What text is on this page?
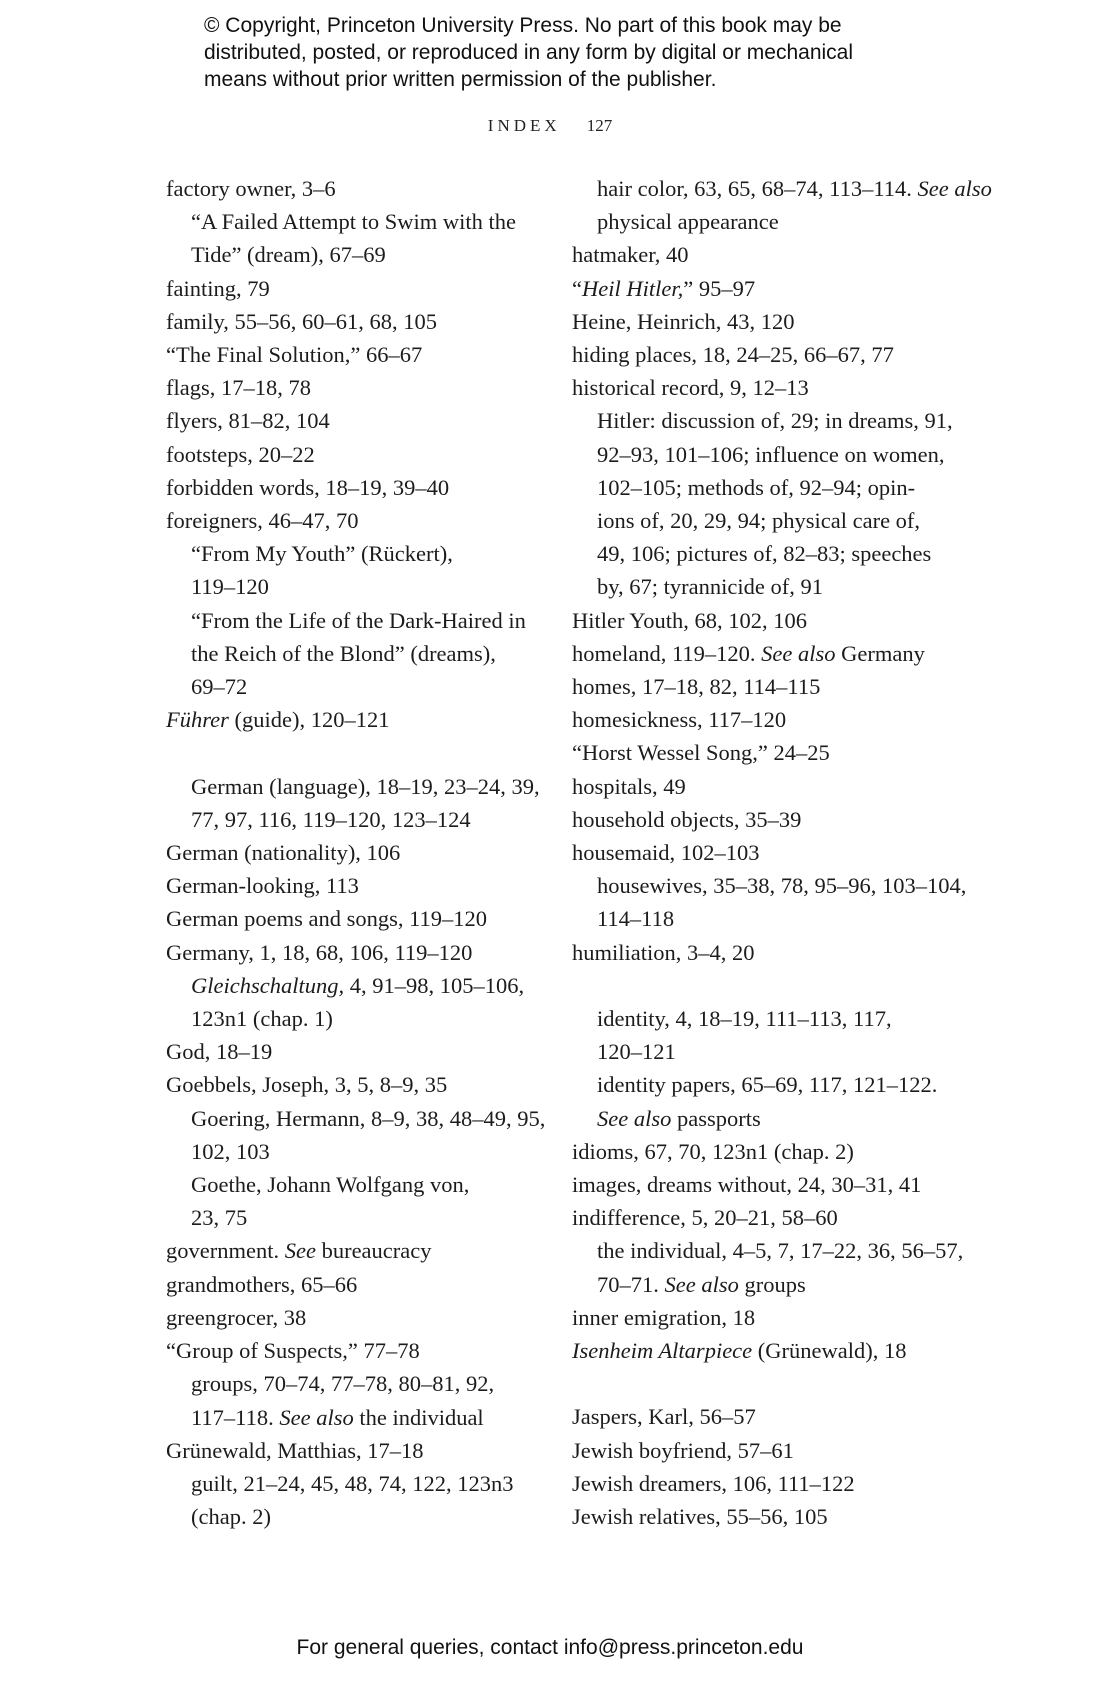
© Copyright, Princeton University Press. No part of this book may be
distributed, posted, or reproduced in any form by digital or mechanical
means without prior written permission of the publisher.
INDEX 127
factory owner, 3–6
“A Failed Attempt to Swim with the
Tide” (dream), 67–69
fainting, 79
family, 55–56, 60–61, 68, 105
“The Final Solution,” 66–67
flags, 17–18, 78
flyers, 81–82, 104
footsteps, 20–22
forbidden words, 18–19, 39–40
foreigners, 46–47, 70
“From My Youth” (Rückert),
119–120
“From the Life of the Dark-Haired in
the Reich of the Blond” (dreams),
69–72
Führer (guide), 120–121
German (language), 18–19, 23–24, 39,
77, 97, 116, 119–120, 123–124
German (nationality), 106
German-looking, 113
German poems and songs, 119–120
Germany, 1, 18, 68, 106, 119–120
Gleichschaltung, 4, 91–98, 105–106,
123n1 (chap. 1)
God, 18–19
Goebbels, Joseph, 3, 5, 8–9, 35
Goering, Hermann, 8–9, 38, 48–49, 95,
102, 103
Goethe, Johann Wolfgang von,
23, 75
government. See bureaucracy
grandmothers, 65–66
greengrocer, 38
“Group of Suspects,” 77–78
groups, 70–74, 77–78, 80–81, 92,
117–118. See also the individual
Grünewald, Matthias, 17–18
guilt, 21–24, 45, 48, 74, 122, 123n3
(chap. 2)
hair color, 63, 65, 68–74, 113–114. See also
physical appearance
hatmaker, 40
“Heil Hitler,” 95–97
Heine, Heinrich, 43, 120
hiding places, 18, 24–25, 66–67, 77
historical record, 9, 12–13
Hitler: discussion of, 29; in dreams, 91,
92–93, 101–106; influence on women,
102–105; methods of, 92–94; opin-
ions of, 20, 29, 94; physical care of,
49, 106; pictures of, 82–83; speeches
by, 67; tyrannicide of, 91
Hitler Youth, 68, 102, 106
homeland, 119–120. See also Germany
homes, 17–18, 82, 114–115
homesickness, 117–120
“Horst Wessel Song,” 24–25
hospitals, 49
household objects, 35–39
housemaid, 102–103
housewives, 35–38, 78, 95–96, 103–104,
114–118
humiliation, 3–4, 20
identity, 4, 18–19, 111–113, 117,
120–121
identity papers, 65–69, 117, 121–122.
See also passports
idioms, 67, 70, 123n1 (chap. 2)
images, dreams without, 24, 30–31, 41
indifference, 5, 20–21, 58–60
the individual, 4–5, 7, 17–22, 36, 56–57,
70–71. See also groups
inner emigration, 18
Isenheim Altarpiece (Grünewald), 18
Jaspers, Karl, 56–57
Jewish boyfriend, 57–61
Jewish dreamers, 106, 111–122
Jewish relatives, 55–56, 105
For general queries, contact info@press.princeton.edu
